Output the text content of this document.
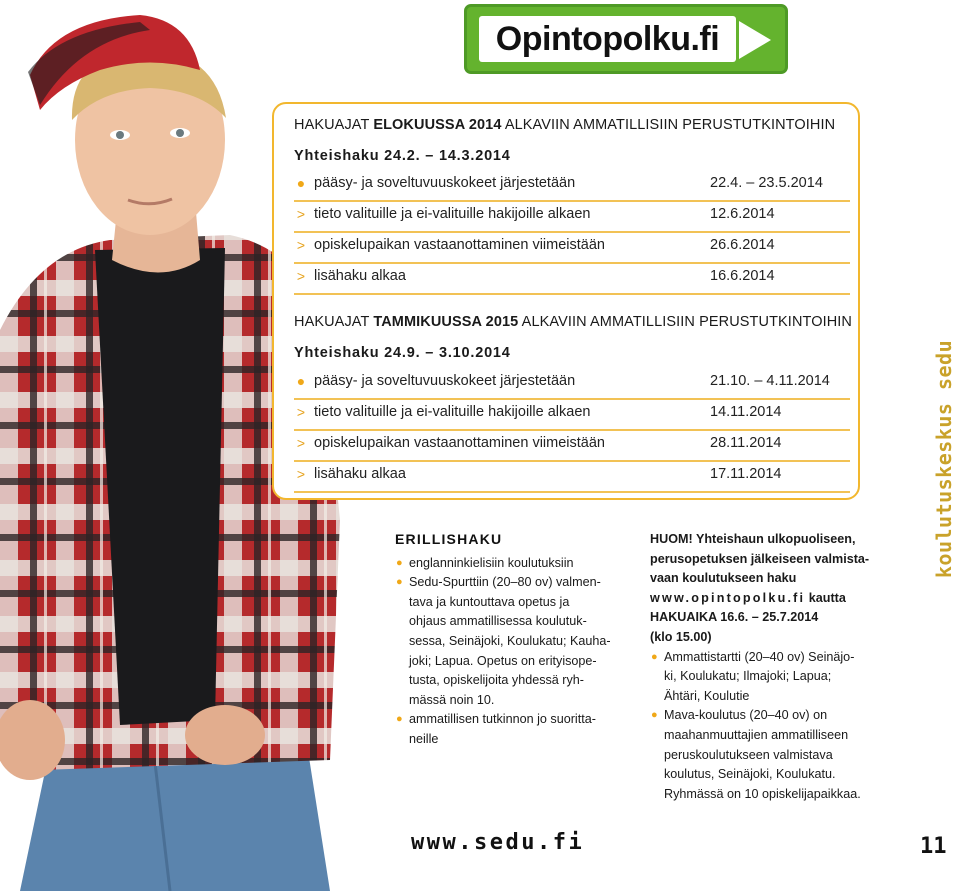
Opintopolku.fi
HAKUAJAT ELOKUUSSA 2014 ALKAVIIN AMMATILLISIIN PERUSTUTKINTOIHIN
Yhteishaku 24.2. – 14.3.2014
● pääsy- ja soveltuvuuskokeet järjestetään	22.4. – 23.5.2014
> tieto valituille ja ei-valituille hakijoille alkaen	12.6.2014
> opiskelupaikan vastaanottaminen viimeistään	26.6.2014
> lisähaku alkaa	16.6.2014
HAKUAJAT TAMMIKUUSSA 2015 ALKAVIIN AMMATILLISIIN PERUSTUTKINTOIHIN
Yhteishaku 24.9. – 3.10.2014
● pääsy- ja soveltuvuuskokeet järjestetään	21.10. – 4.11.2014
> tieto valituille ja ei-valituille hakijoille alkaen	14.11.2014
> opiskelupaikan vastaanottaminen viimeistään	28.11.2014
> lisähaku alkaa	17.11.2014
ERILLISHAKU
● englanninkielisiin koulutuksiin
● Sedu-Spurttiin (20–80 ov) valmen-
tava ja kuntouttava opetus ja
ohjaus ammatillisessa koulutuk-
sessa, Seinäjoki, Koulukatu; Kauha-
joki; Lapua. Opetus on erityisope-
tusta, opiskelijoita yhdessä ryh-
mässä noin 10.
● ammatillisen tutkinnon jo suoritta-
neille
HUOM! Yhteishaun ulkopuoliseen,
perusopetuksen jälkeiseen valmista-
vaan koulutukseen haku
www.opintopolku.fi kautta
HAKUAIKA 16.6. – 25.7.2014
(klo 15.00)
● Ammattistartti (20–40 ov) Seinäjo-
ki, Koulukatu; Ilmajoki; Lapua;
Ähtäri, Koulutie
● Mava-koulutus (20–40 ov) on
maahanmuuttajien ammatilliseen
peruskoulutukseen valmistava
koulutus, Seinäjoki, Koulukatu.
Ryhmässä on 10 opiskelijapaikkaa.
koulutuskeskus sedu
www.sedu.fi	11
